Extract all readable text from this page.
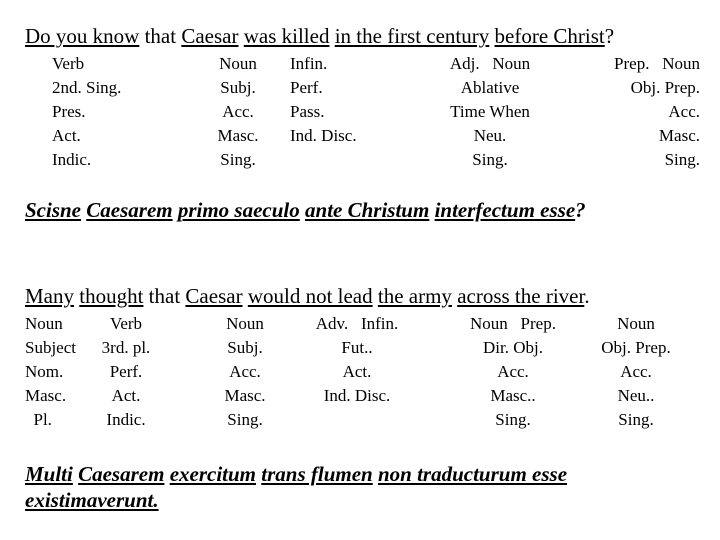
Do you know that Caesar was killed in the first century before Christ?
Verb
2nd. Sing.
Pres.
Act.
Indic.
Noun
Subj.
Acc.
Masc.
Sing.
Infin.
Perf.
Pass.
Ind. Disc.
Adj.   Noun
Ablative
Time When
Neu.
Sing.
Prep.   Noun
Obj. Prep.
Acc.
Masc.
Sing.
Scisne Caesarem primo saeculo ante Christum interfectum esse?
Many thought that Caesar would not lead the army across the river.
Noun
Subject
Nom.
Masc.
Pl.
Verb
3rd. pl.
Perf.
Act.
Indic.
Noun
Subj.
Acc.
Masc.
Sing.
Adv.   Infin.
Fut..
Act.
Ind. Disc.
Noun   Prep.
Dir. Obj.
Acc.
Masc..
Sing.
Noun
Obj. Prep.
Acc.
Neu..
Sing.
Multi Caesarem exercitum trans flumen non traducturum esse
existimaverunt.
